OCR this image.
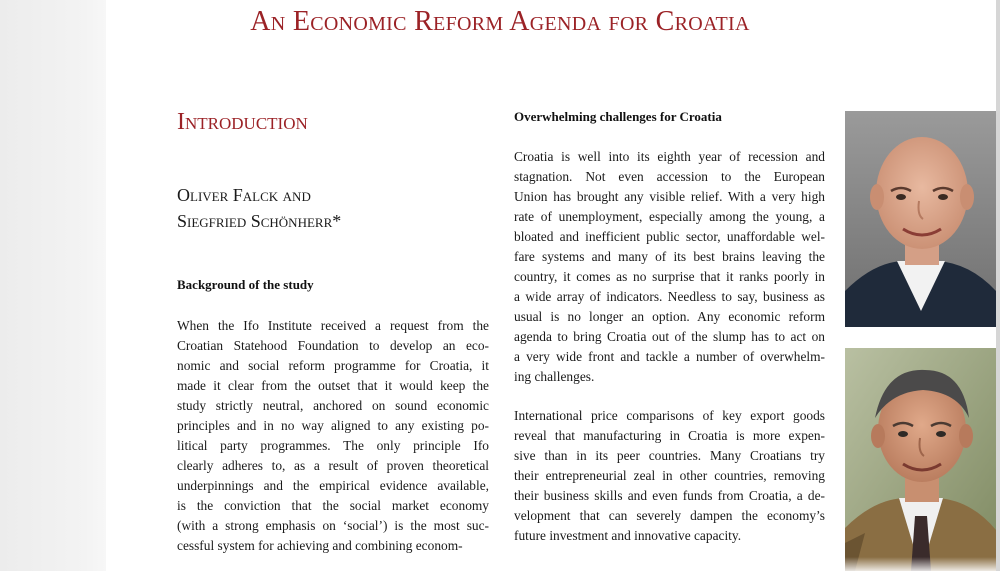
An Economic Reform Agenda for Croatia
Introduction
Oliver Falck and
Siegfried Schönherr*
Background of the study
When the Ifo Institute received a request from the
Croatian Statehood Foundation to develop an eco-
nomic and social reform programme for Croatia, it
made it clear from the outset that it would keep the
study strictly neutral, anchored on sound economic
principles and in no way aligned to any existing po-
litical party programmes. The only principle Ifo
clearly adheres to, as a result of proven theoretical
underpinnings and the empirical evidence available,
is the conviction that the social market economy
(with a strong emphasis on ‘social’) is the most suc-
cessful system for achieving and combining econom-
Overwhelming challenges for Croatia
Croatia is well into its eighth year of recession and
stagnation. Not even accession to the European
Union has brought any visible relief. With a very high
rate of unemployment, especially among the young, a
bloated and inefficient public sector, unaffordable wel-
fare systems and many of its best brains leaving the
country, it comes as no surprise that it ranks poorly in
a wide array of indicators. Needless to say, business as
usual is no longer an option. Any economic reform
agenda to bring Croatia out of the slump has to act on
a very wide front and tackle a number of overwhelm-
ing challenges.
International price comparisons of key export goods
reveal that manufacturing in Croatia is more expen-
sive than in its peer countries. Many Croatians try
their entrepreneurial zeal in other countries, removing
their business skills and even funds from Croatia, a de-
velopment that can severely dampen the economy’s
future investment and innovative capacity.
